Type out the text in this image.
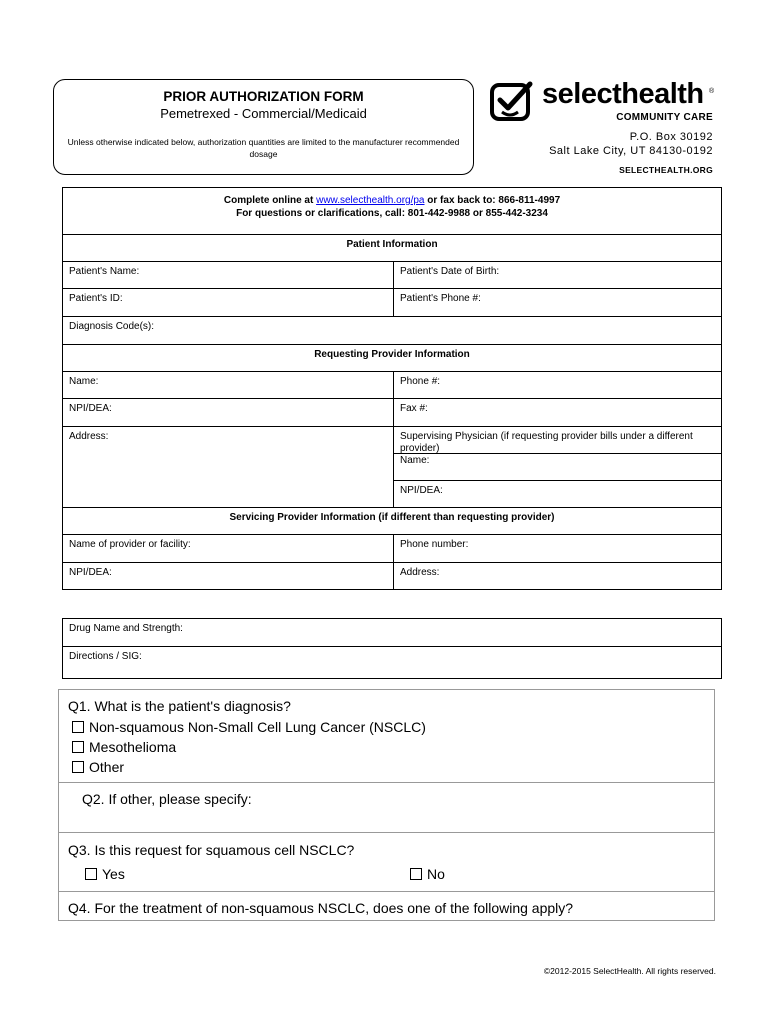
PRIOR AUTHORIZATION FORM
Pemetrexed - Commercial/Medicaid
Unless otherwise indicated below, authorization quantities are limited to the manufacturer recommended dosage
selecthealth ®
COMMUNITY CARE
P.O. Box 30192
Salt Lake City, UT 84130-0192
SELECTHEALTH.ORG
Complete online at www.selecthealth.org/pa or fax back to: 866-811-4997
For questions or clarifications, call: 801-442-9988 or 855-442-3234
Patient Information
Patient's Name:	Patient's Date of Birth:
Patient's ID:	Patient's Phone #:
Diagnosis Code(s):
Requesting Provider Information
Name:	Phone #:
NPI/DEA:	Fax #:
Address:	Supervising Physician (if requesting provider bills under a different provider)
Name:
NPI/DEA:
Servicing Provider Information (if different than requesting provider)
Name of provider or facility:	Phone number:
NPI/DEA:	Address:
Drug Name and Strength:
Directions / SIG:
Q1. What is the patient's diagnosis?
Non-squamous Non-Small Cell Lung Cancer (NSCLC)
Mesothelioma
Other
Q2. If other, please specify:
Q3. Is this request for squamous cell NSCLC?
Yes	No
Q4. For the treatment of non-squamous NSCLC, does one of the following apply?
©2012-2015 SelectHealth. All rights reserved.
